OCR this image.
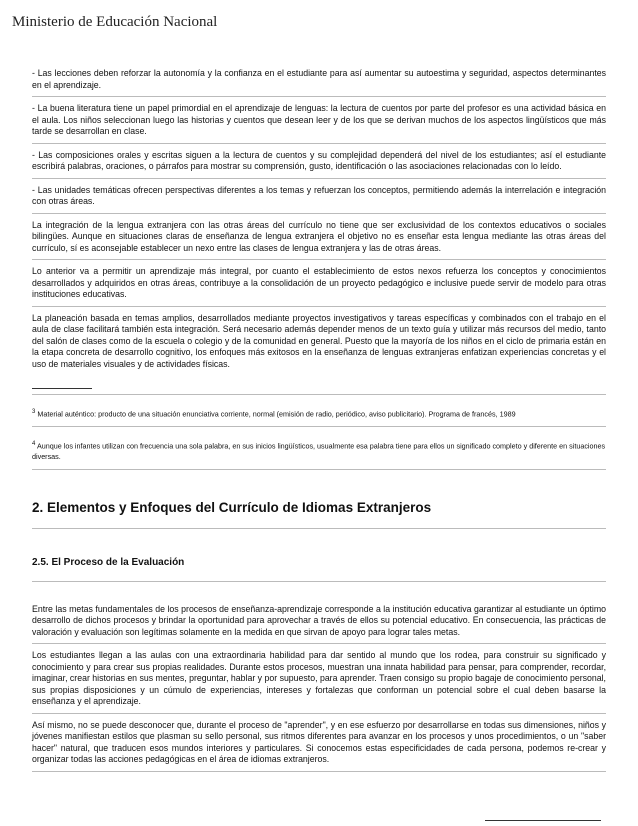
Ministerio de Educación Nacional

- Las lecciones deben reforzar la autonomía y la confianza en el estudiante para así aumentar su autoestima y seguridad, aspectos determinantes en el aprendizaje.

- La buena literatura tiene un papel primordial en el aprendizaje de lenguas: la lectura de cuentos por parte del profesor es una actividad básica en el aula. Los niños seleccionan luego las historias y cuentos que desean leer y de los que se derivan muchos de los aspectos lingüísticos que más tarde se desarrollan en clase.

- Las composiciones orales y escritas siguen a la lectura de cuentos y su complejidad dependerá del nivel de los estudiantes; así el estudiante escribirá palabras, oraciones, o párrafos para mostrar su comprensión, gusto, identificación o las asociaciones relacionadas con lo leído.

- Las unidades temáticas ofrecen perspectivas diferentes a los temas y refuerzan los conceptos, permitiendo además la interrelación e integración con otras áreas.

La integración de la lengua extranjera con las otras áreas del currículo no tiene que ser exclusividad de los contextos educativos o sociales bilingües. Aunque en situaciones claras de enseñanza de lengua extranjera el objetivo no es enseñar esta lengua mediante las otras áreas del currículo, sí es aconsejable establecer un nexo entre las clases de lengua extranjera y las de otras áreas.

Lo anterior va a permitir un aprendizaje más integral, por cuanto el establecimiento de estos nexos refuerza los conceptos y conocimientos desarrollados y adquiridos en otras áreas, contribuye a la consolidación de un proyecto pedagógico e inclusive puede servir de modelo para otras instituciones educativas.

La planeación basada en temas amplios, desarrollados mediante proyectos investigativos y tareas específicas y combinados con el trabajo en el aula de clase facilitará también esta integración. Será necesario además depender menos de un texto guía y utilizar más recursos del medio, tanto del salón de clases como de la escuela o colegio y de la comunidad en general. Puesto que la mayoría de los niños en el ciclo de primaria están en la etapa concreta de desarrollo cognitivo, los enfoques más exitosos en la enseñanza de lenguas extranjeras enfatizan experiencias concretas y el uso de materiales visuales y de actividades físicas.

$^3$ Material auténtico: producto de una situación enunciativa corriente, normal (emisión de radio, periódico, aviso publicitario). Programa de francés, 1989

$^4$ Aunque los infantes utilizan con frecuencia una sola palabra, en sus inicios lingüísticos, usualmente esa palabra tiene para ellos un significado completo y diferente en situaciones diversas.

2. Elementos y Enfoques del Currículo de Idiomas Extranjeros
2.5. El Proceso de la Evaluación

Entre las metas fundamentales de los procesos de enseñanza-aprendizaje corresponde a la institución educativa garantizar al estudiante un óptimo desarrollo de dichos procesos y brindar la oportunidad para aprovechar a través de ellos su potencial educativo. En consecuencia, las prácticas de valoración y evaluación son legítimas solamente en la medida en que sirvan de apoyo para lograr tales metas.

Los estudiantes llegan a las aulas con una extraordinaria habilidad para dar sentido al mundo que los rodea, para construir su significado y conocimiento y para crear sus propias realidades. Durante estos procesos, muestran una innata habilidad para pensar, para comprender, recordar, imaginar, crear historias en sus mentes, preguntar, hablar y por supuesto, para aprender. Traen consigo su propio bagaje de conocimiento personal, sus propias disposiciones y un cúmulo de experiencias, intereses y fortalezas que conforman un potencial sobre el cual deben basarse la enseñanza y el aprendizaje.

Así mismo, no se puede desconocer que, durante el proceso de "aprender", y en ese esfuerzo por desarrollarse en todas sus dimensiones, niños y jóvenes manifiestan estilos que plasman su sello personal, sus ritmos diferentes para avanzar en los procesos y unos procedimientos, o un "saber hacer" natural, que traducen esos mundos interiores y particulares. Si conocemos estas especificidades de cada persona, podemos re-crear y organizar todas las acciones pedagógicas en el área de idiomas extranjeros.
